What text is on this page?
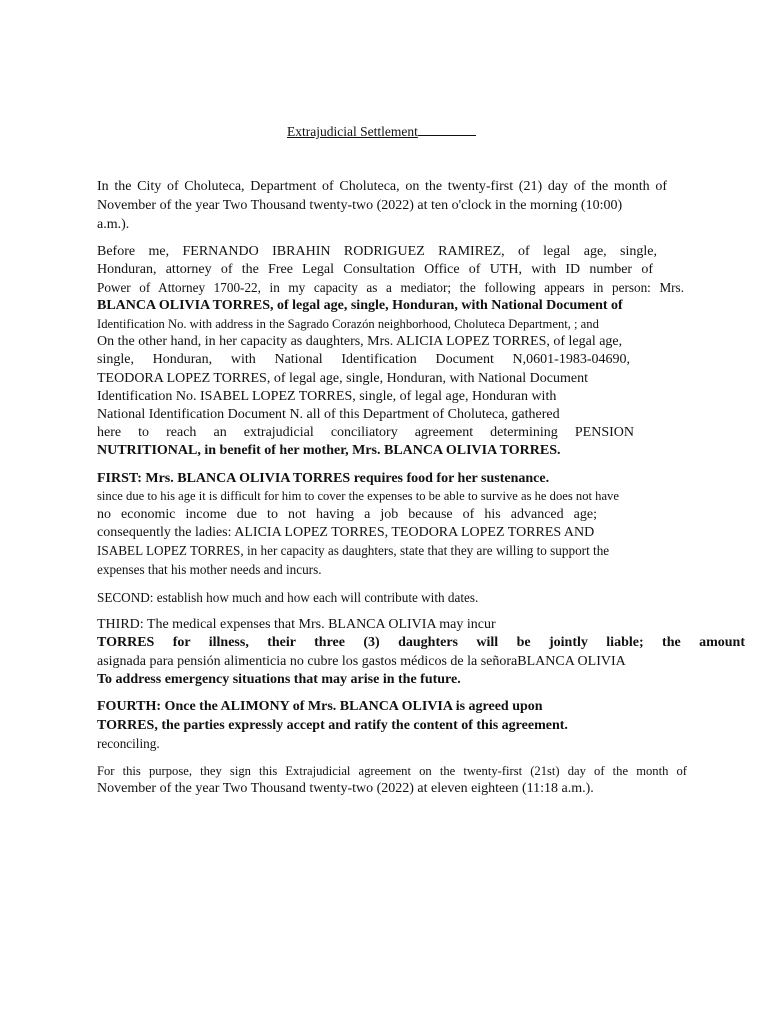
Extrajudicial Settlement
In the City of Choluteca, Department of Choluteca, on the twenty-first (21) day of the month of
November of the year Two Thousand twenty-two (2022) at ten o'clock in the morning (10:00)
a.m.).
Before me, FERNANDO IBRAHIN RODRIGUEZ RAMIREZ, of legal age, single,
Honduran, attorney of the Free Legal Consultation Office of UTH, with ID number of
Power of Attorney 1700-22, in my capacity as a mediator; the following appears in person: Mrs.
BLANCA OLIVIA TORRES, of legal age, single, Honduran, with National Document of
Identification No. with address in the Sagrado Corazón neighborhood, Choluteca Department, ; and
On the other hand, in her capacity as daughters, Mrs. ALICIA LOPEZ TORRES, of legal age,
single, Honduran, with National Identification Document N,0601-1983-04690,
TEODORA LOPEZ TORRES, of legal age, single, Honduran, with National Document
Identification No. ISABEL LOPEZ TORRES, single, of legal age, Honduran with
National Identification Document N. all of this Department of Choluteca, gathered
here to reach an extrajudicial conciliatory agreement determining PENSION
NUTRITIONAL, in benefit of her mother, Mrs. BLANCA OLIVIA TORRES.
FIRST: Mrs. BLANCA OLIVIA TORRES requires food for her sustenance.
since due to his age it is difficult for him to cover the expenses to be able to survive as he does not have
no economic income due to not having a job because of his advanced age;
consequently the ladies: ALICIA LOPEZ TORRES, TEODORA LOPEZ TORRES AND
ISABEL LOPEZ TORRES, in her capacity as daughters, state that they are willing to support the
expenses that his mother needs and incurs.
SECOND: establish how much and how each will contribute with dates.
THIRD: The medical expenses that Mrs. BLANCA OLIVIA may incur
TORRES for illness, their three (3) daughters will be jointly liable; the amount
asignada para pensión alimenticia no cubre los gastos médicos de la señoraBLANCA OLIVIA
To address emergency situations that may arise in the future.
FOURTH: Once the ALIMONY of Mrs. BLANCA OLIVIA is agreed upon
TORRES, the parties expressly accept and ratify the content of this agreement.
reconciling.
For this purpose, they sign this Extrajudicial agreement on the twenty-first (21st) day of the month of
November of the year Two Thousand twenty-two (2022) at eleven eighteen (11:18 a.m.).
